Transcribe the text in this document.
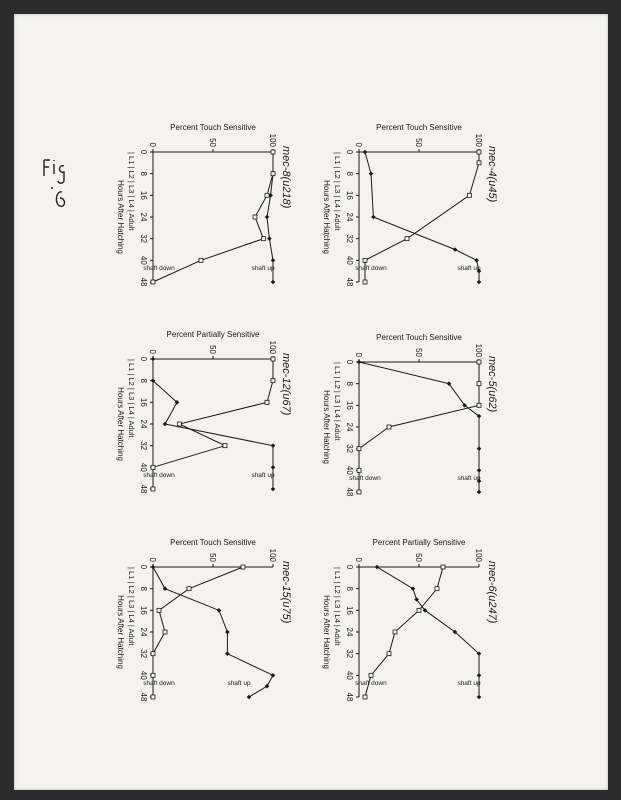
0	50	100
0
8
16
24
32
40
48
| L1 | L2 | L3 | L4 | Adult
Hours After Hatching
Percent Touch Sensitive
mec-4(u45)
shaft up
shaft down
0	50	100
0
8
16
24
32
40
48
| L1 | L2 | L3 | L4 | Adult
Hours After Hatching
Percent Touch Sensitive
mec-5(u62)
shaft up
shaft down
0	50	100
0
8
16
24
32
40
48
| L1 | L2 | L3 | L4 | Adult
Hours After Hatching
Percent Partially Sensitive
mec-6(u247)
shaft up
shaft down
0	50	100
0
8
16
24
32
40
48
| L1 | L2 | L3 | L4 | Adult
Hours After Hatching
Percent Touch Sensitive
mec-8(u218)
shaft up
shaft down
0	50	100
0
8
16
24
32
40
48
| L1 | L2 | L3 | L4 | Adult
Hours After Hatching
Percent Partially Sensitive
mec-12(u67)
shaft up
shaft down
0	50	100
0
8
16
24
32
40
48
| L1 | L2 | L3 | L4 | Adult
Hours After Hatching
Percent Touch Sensitive
mec-15(u75)
shaft up
shaft down
